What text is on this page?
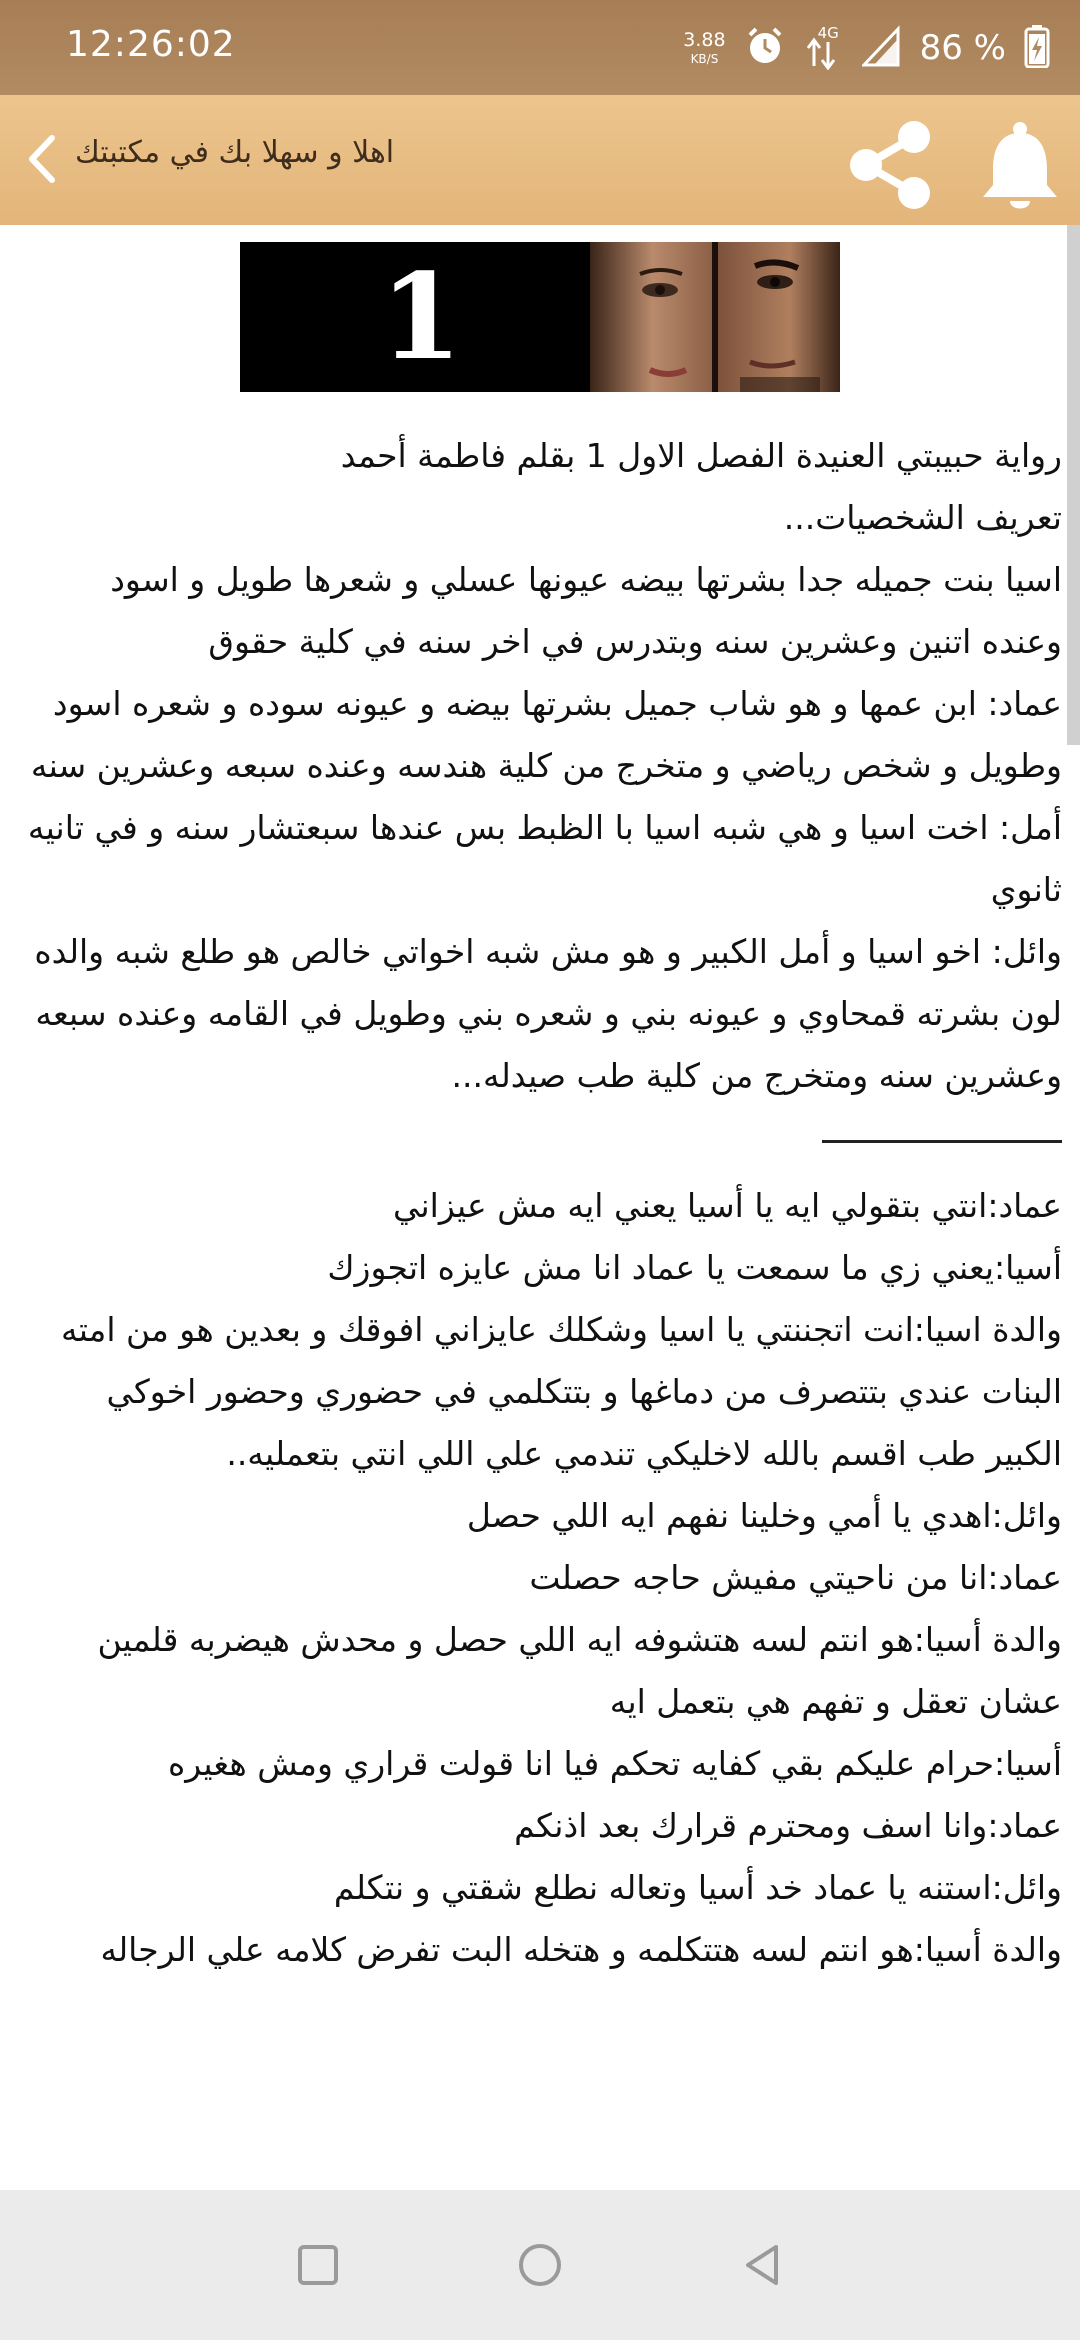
12:26:02	3.88
KB/S
4G 86 %
اهلا و سهلا بك في مكتبتك
1

رواية حبيبتي العنيدة الفصل الاول 1 بقلم فاطمة أحمد

تعريف الشخصيات...

اسيا بنت جميله جدا بشرتها بيضه عيونها عسلي و شعرها طويل و اسود وعنده اتنين وعشرين سنه وبتدرس في اخر سنه في كلية حقوق

عماد: ابن عمها و هو شاب جميل بشرتها بيضه و عيونه سوده و شعره اسود وطويل و شخص رياضي و متخرج من كلية هندسه وعنده سبعه وعشرين سنه

أمل: اخت اسيا و هي شبه اسيا با الظبط بس عندها سبعتشار سنه و في تانيه ثانوي

وائل: اخو اسيا و أمل الكبير و هو مش شبه اخواتي خالص هو طلع شبه والده لون بشرته قمحاوي و عيونه بني و شعره بني وطويل في القامه وعنده سبعه وعشرين سنه ومتخرج من كلية طب صيدله...

عماد:انتي بتقولي ايه يا أسيا يعني ايه مش عيزاني

أسيا:يعني زي ما سمعت يا عماد انا مش عايزه اتجوزك

والدة اسيا:انت اتجننتي يا اسيا وشكلك عايزاني افوقك و بعدين هو من امته البنات عندي بتتصرف من دماغها و بتتكلمي في حضوري وحضور اخوكي الكبير طب اقسم بالله لاخليكي تندمي علي اللي انتي بتعمليه..

وائل:اهدي يا أمي وخلينا نفهم ايه اللي حصل

عماد:انا من ناحيتي مفيش حاجه حصلت

والدة أسيا:هو انتم لسه هتشوفه ايه اللي حصل و محدش هيضربه قلمين عشان تعقل و تفهم هي بتعمل ايه

أسيا:حرام عليكم بقي كفايه تحكم فيا انا قولت قراري ومش هغيره

عماد:وانا اسف ومحترم قرارك بعد اذنكم

وائل:استنه يا عماد خد أسيا وتعاله نطلع شقتي و نتكلم

والدة أسيا:هو انتم لسه هتتكلمه و هتخله البت تفرض كلامه علي الرجاله
